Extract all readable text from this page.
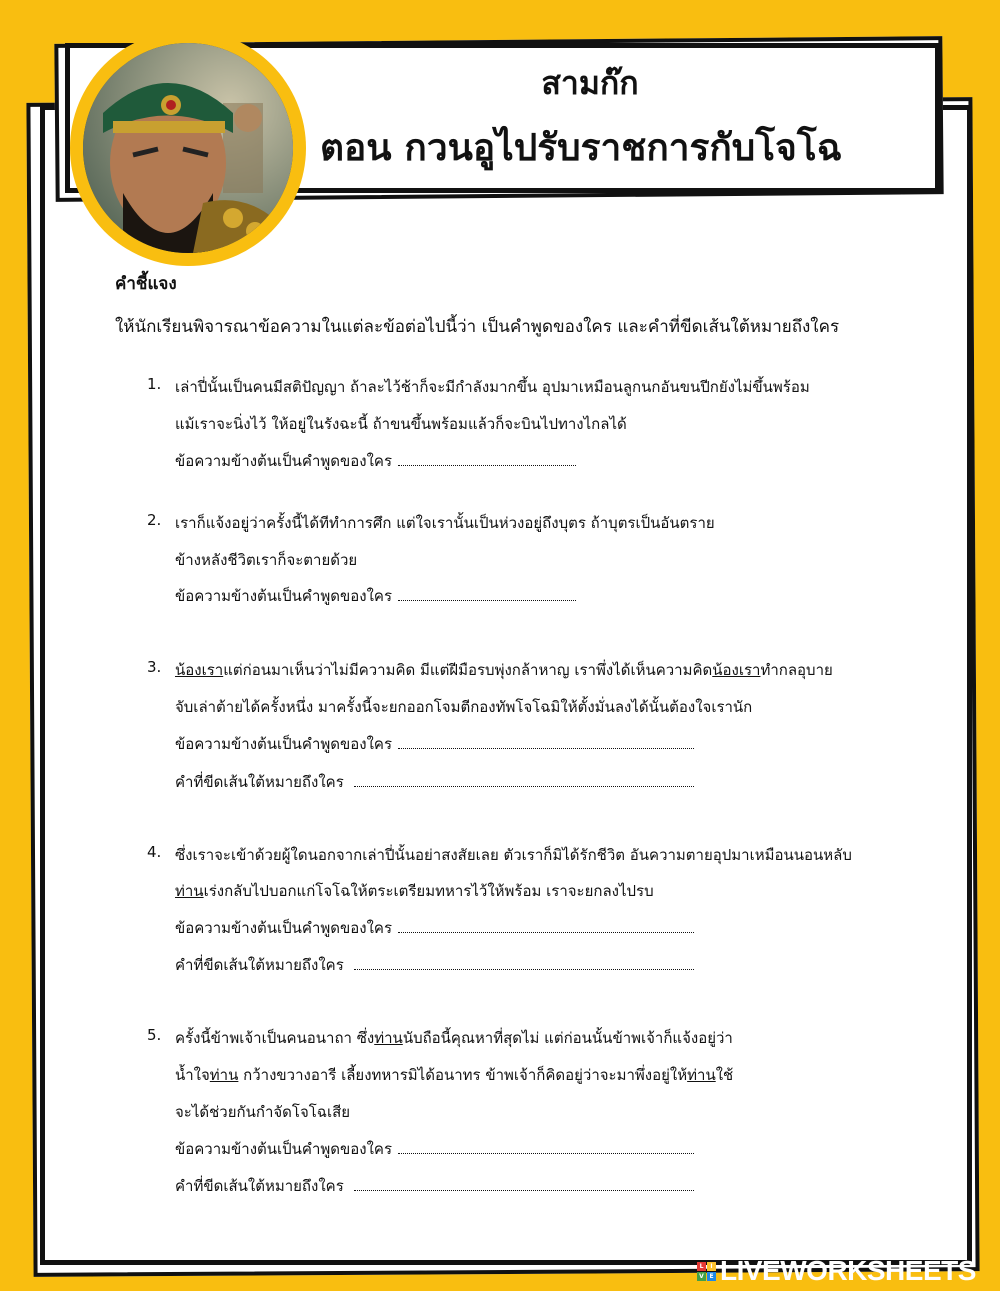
สามก๊ก
ตอน กวนอูไปรับราชการกับโจโฉ
คำชี้แจง
ให้นักเรียนพิจารณาข้อความในแต่ละข้อต่อไปนี้ว่า เป็นคำพูดของใคร และคำที่ขีดเส้นใต้หมายถึงใคร
1. เล่าปี่นั้นเป็นคนมีสติปัญญา ถ้าละไว้ช้าก็จะมีกำลังมากขึ้น อุปมาเหมือนลูกนกอันขนปีกยังไม่ขึ้นพร้อม
แม้เราจะนิ่งไว้ ให้อยู่ในรังฉะนี้ ถ้าขนขึ้นพร้อมแล้วก็จะบินไปทางไกลได้
ข้อความข้างต้นเป็นคำพูดของใคร
2. เราก็แจ้งอยู่ว่าครั้งนี้ได้ทีทำการศึก แต่ใจเรานั้นเป็นห่วงอยู่ถึงบุตร ถ้าบุตรเป็นอันตราย
ข้างหลังชีวิตเราก็จะตายด้วย
ข้อความข้างต้นเป็นคำพูดของใคร
3. น้องเราแต่ก่อนมาเห็นว่าไม่มีความคิด มีแต่ฝีมือรบพุ่งกล้าหาญ เราพึ่งได้เห็นความคิดน้องเราทำกลอุบาย
จับเล่าต้ายได้ครั้งหนึ่ง มาครั้งนี้จะยกออกโจมตีกองทัพโจโฉมิให้ตั้งมั่นลงได้นั้นต้องใจเรานัก
ข้อความข้างต้นเป็นคำพูดของใคร
คำที่ขีดเส้นใต้หมายถึงใคร
4. ซึ่งเราจะเข้าด้วยผู้ใดนอกจากเล่าปี่นั้นอย่าสงสัยเลย ตัวเราก็มิได้รักชีวิต อันความตายอุปมาเหมือนนอนหลับ
ท่านเร่งกลับไปบอกแก่โจโฉให้ตระเตรียมทหารไว้ให้พร้อม เราจะยกลงไปรบ
ข้อความข้างต้นเป็นคำพูดของใคร
คำที่ขีดเส้นใต้หมายถึงใคร
5. ครั้งนี้ข้าพเจ้าเป็นคนอนาถา ซึ่งท่านนับถือนี้คุณหาที่สุดไม่ แต่ก่อนนั้นข้าพเจ้าก็แจ้งอยู่ว่า
น้ำใจท่าน กว้างขวางอารี เลี้ยงทหารมิได้อนาทร ข้าพเจ้าก็คิดอยู่ว่าจะมาพึ่งอยู่ให้ท่านใช้
จะได้ช่วยกันกำจัดโจโฉเสีย
ข้อความข้างต้นเป็นคำพูดของใคร
คำที่ขีดเส้นใต้หมายถึงใคร
L	I
V E LIVEWORKSHEETS
